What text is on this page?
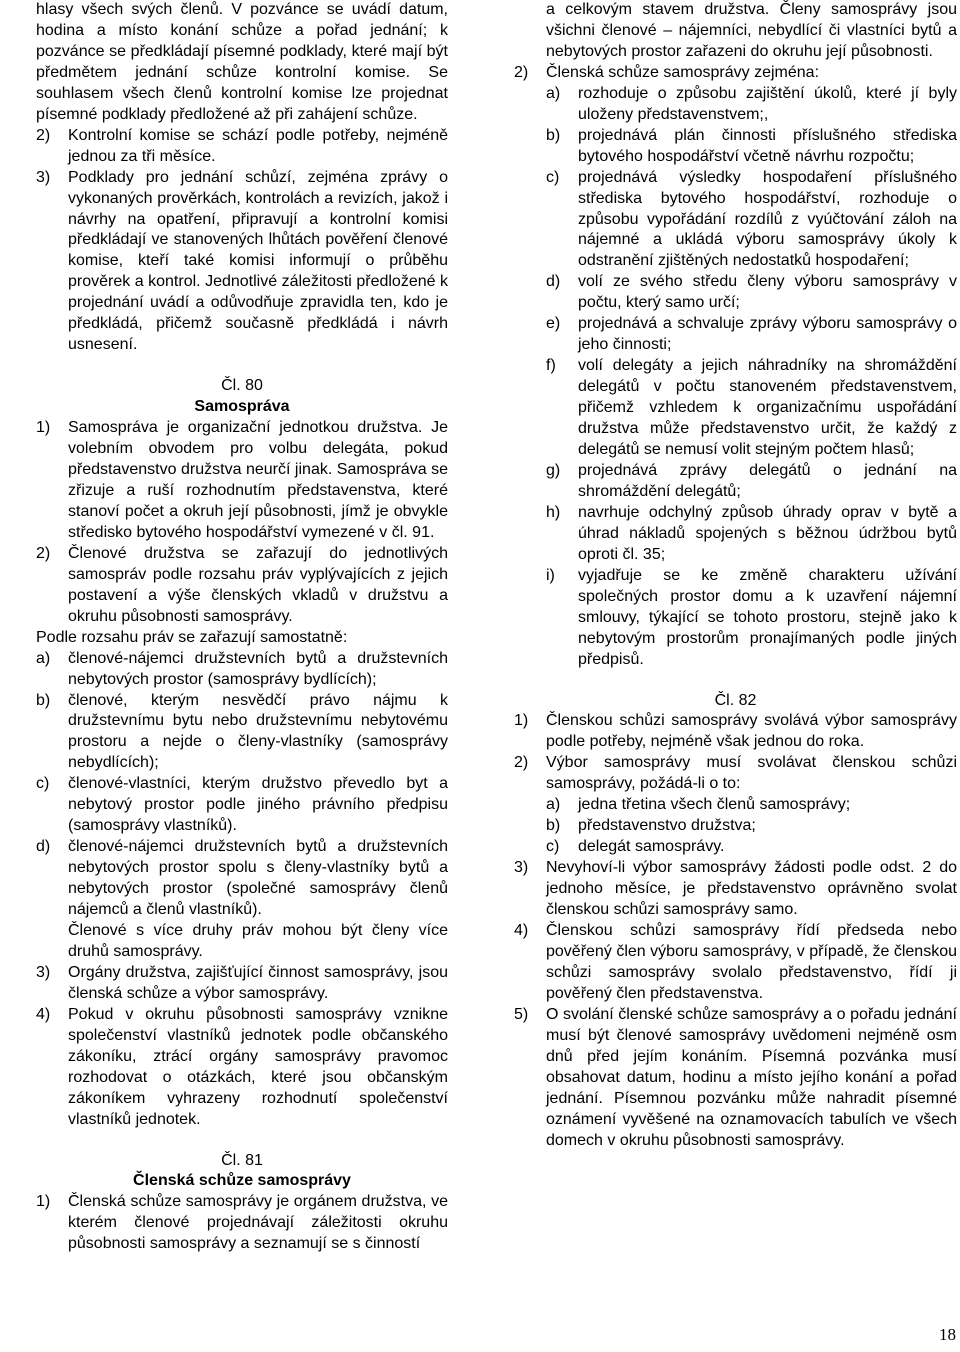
hlasy všech svých členů. V pozvánce se uvádí datum, hodina a místo konání schůze a pořad jednání; k pozvánce se předkládají písemné podklady, které mají být předmětem jednání schůze kontrolní komise. Se souhlasem všech členů kontrolní komise lze projednat písemné podklady předložené až při zahájení schůze.

2) Kontrolní komise se schází podle potřeby, nejméně jednou za tři měsíce.

3) Podklady pro jednání schůzí, zejména zprávy o vykonaných prověrkách, kontrolách a revizích, jakož i návrhy na opatření, připravují a kontrolní komisi předkládají ve stanovených lhůtách pověření členové komise, kteří také komisi informují o průběhu prověrek a kontrol. Jednotlivé záležitosti předložené k projednání uvádí a odůvodňuje zpravidla ten, kdo je předkládá, přičemž současně předkládá i návrh usnesení.

Čl. 80

Samospráva

1) Samospráva je organizační jednotkou družstva. Je volebním obvodem pro volbu delegáta, pokud představenstvo družstva neurčí jinak. Samospráva se zřizuje a ruší rozhodnutím představenstva, které stanoví počet a okruh její působnosti, jímž je obvykle středisko bytového hospodářství vymezené v čl. 91.

2) Členové družstva se zařazují do jednotlivých samospráv podle rozsahu práv vyplývajících z jejich postavení a výše členských vkladů v družstvu a okruhu působnosti samosprávy.

Podle rozsahu práv se zařazují samostatně:

a) členové-nájemci družstevních bytů a družstevních nebytových prostor (samosprávy bydlících);

b) členové, kterým nesvědčí právo nájmu k družstevnímu bytu nebo družstevnímu nebytovému prostoru a nejde o členy-vlastníky (samosprávy nebydlících);

c) členové-vlastníci, kterým družstvo převedlo byt a nebytový prostor podle jiného právního předpisu (samosprávy vlastníků).

d) členové-nájemci družstevních bytů a družstevních nebytových prostor spolu s členy-vlastníky bytů a nebytových prostor (společné samosprávy členů nájemců a členů vlastníků).

Členové s více druhy práv mohou být členy více druhů samosprávy.

3) Orgány družstva, zajišťující činnost samosprávy, jsou členská schůze a výbor samosprávy.

4) Pokud v okruhu působnosti samosprávy vznikne společenství vlastníků jednotek podle občanského zákoníku, ztrácí orgány samosprávy pravomoc rozhodovat o otázkách, které jsou občanským zákoníkem vyhrazeny rozhodnutí společenství vlastníků jednotek.

Čl. 81

Členská schůze samosprávy

1) Členská schůze samosprávy je orgánem družstva, ve kterém členové projednávají záležitosti okruhu působnosti samosprávy a seznamují se s činností

a celkovým stavem družstva. Členy samosprávy jsou všichni členové – nájemníci, nebydlící či vlastníci bytů a nebytových prostor zařazeni do okruhu její působnosti.

2) Členská schůze samosprávy zejména:

a) rozhoduje o způsobu zajištění úkolů, které jí byly uloženy představenstvem;,

b) projednává plán činnosti příslušného střediska bytového hospodářství včetně návrhu rozpočtu;

c) projednává výsledky hospodaření příslušného střediska bytového hospodářství, rozhoduje o způsobu vypořádání rozdílů z vyúčtování záloh na nájemné a ukládá výboru samosprávy úkoly k odstranění zjištěných nedostatků hospodaření;

d) volí ze svého středu členy výboru samosprávy v počtu, který samo určí;

e) projednává a schvaluje zprávy výboru samosprávy o jeho činnosti;

f) volí delegáty a jejich náhradníky na shromáždění delegátů v počtu stanoveném představenstvem, přičemž vzhledem k organizačnímu uspořádání družstva může představenstvo určit, že každý z delegátů se nemusí volit stejným počtem hlasů;

g) projednává zprávy delegátů o jednání na shromáždění delegátů;

h) navrhuje odchylný způsob úhrady oprav v bytě a úhrad nákladů spojených s běžnou údržbou bytů oproti čl. 35;

i) vyjadřuje se ke změně charakteru užívání společných prostor domu a k uzavření nájemní smlouvy, týkající se tohoto prostoru, stejně jako k nebytovým prostorům pronajímaných podle jiných předpisů.

Čl. 82

1) Členskou schůzi samosprávy svolává výbor samosprávy podle potřeby, nejméně však jednou do roka.

2) Výbor samosprávy musí svolávat členskou schůzi samosprávy, požádá-li o to:

a) jedna třetina všech členů samosprávy;

b) představenstvo družstva;

c) delegát samosprávy.

3) Nevyhoví-li výbor samosprávy žádosti podle odst. 2 do jednoho měsíce, je představenstvo oprávněno svolat členskou schůzi samosprávy samo.

4) Členskou schůzi samosprávy řídí předseda nebo pověřený člen výboru samosprávy, v případě, že členskou schůzi samosprávy svolalo představenstvo, řídí ji pověřený člen představenstva.

5) O svolání členské schůze samosprávy a o pořadu jednání musí být členové samosprávy uvědomeni nejméně osm dnů před jejím konáním. Písemná pozvánka musí obsahovat datum, hodinu a místo jejího konání a pořad jednání. Písemnou pozvánku může nahradit písemné oznámení vyvěšené na oznamovacích tabulích ve všech domech v okruhu působnosti samosprávy.

18
